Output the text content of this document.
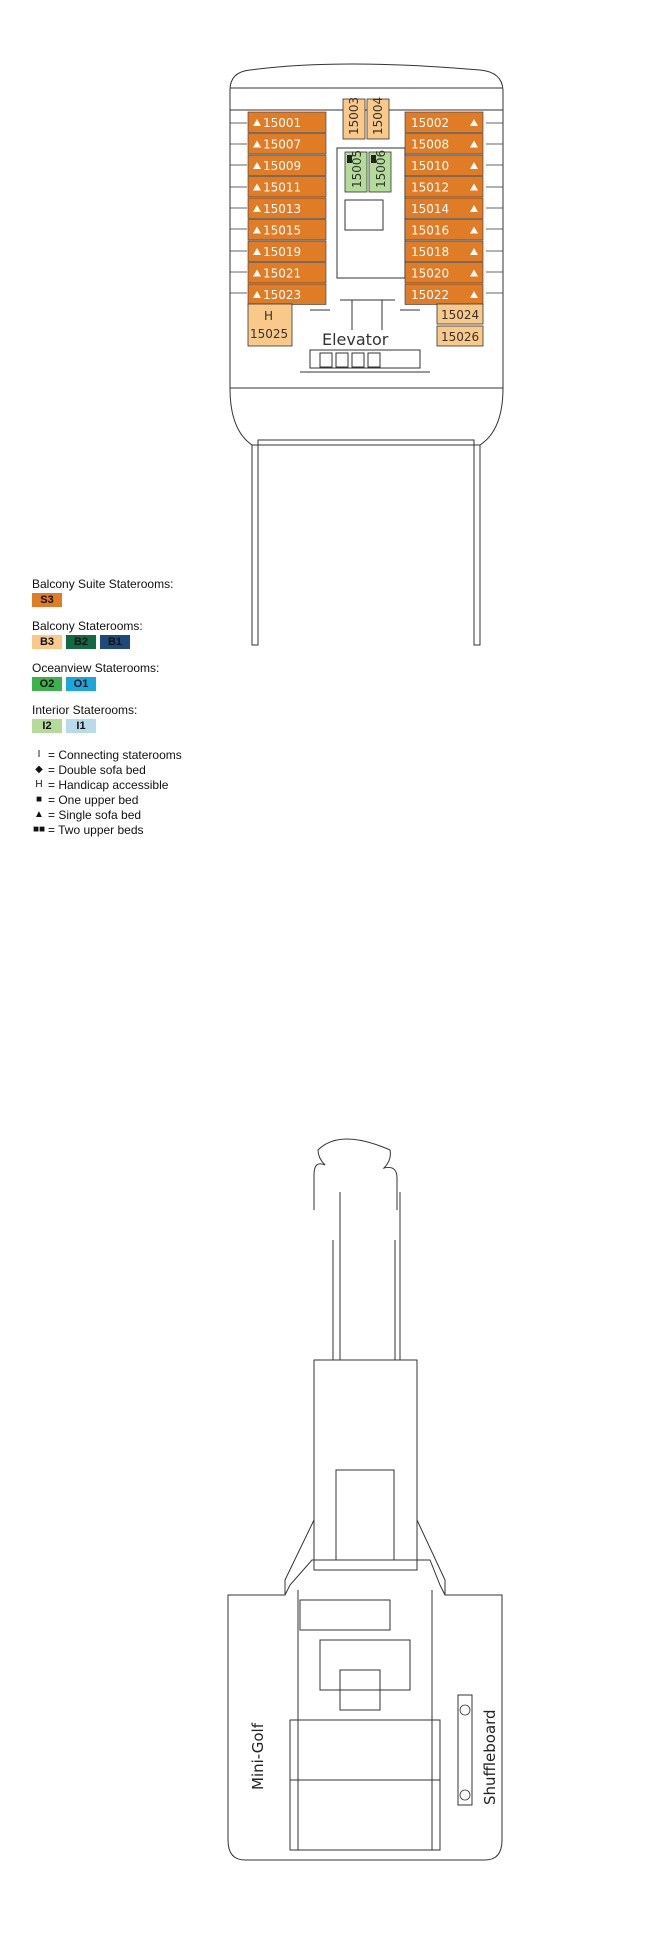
15001
15007
15009
15011
15013
15015
15019
15021
15023
15002
15008
15010
15012
15014
15016
15018
15020
15022
15003 15004
15005 15006
H
15025
15024
15026
Elevator
Mini-Golf	Shuffleboard
Balcony Suite Staterooms:
S3
Balcony Staterooms:
B3	B2	B1
Oceanview Staterooms:
O2	O1
Interior Staterooms:
I2	I1
I = Connecting staterooms
◆ = Double sofa bed
H = Handicap accessible
■ = One upper bed
▲ = Single sofa bed
■■ = Two upper beds
